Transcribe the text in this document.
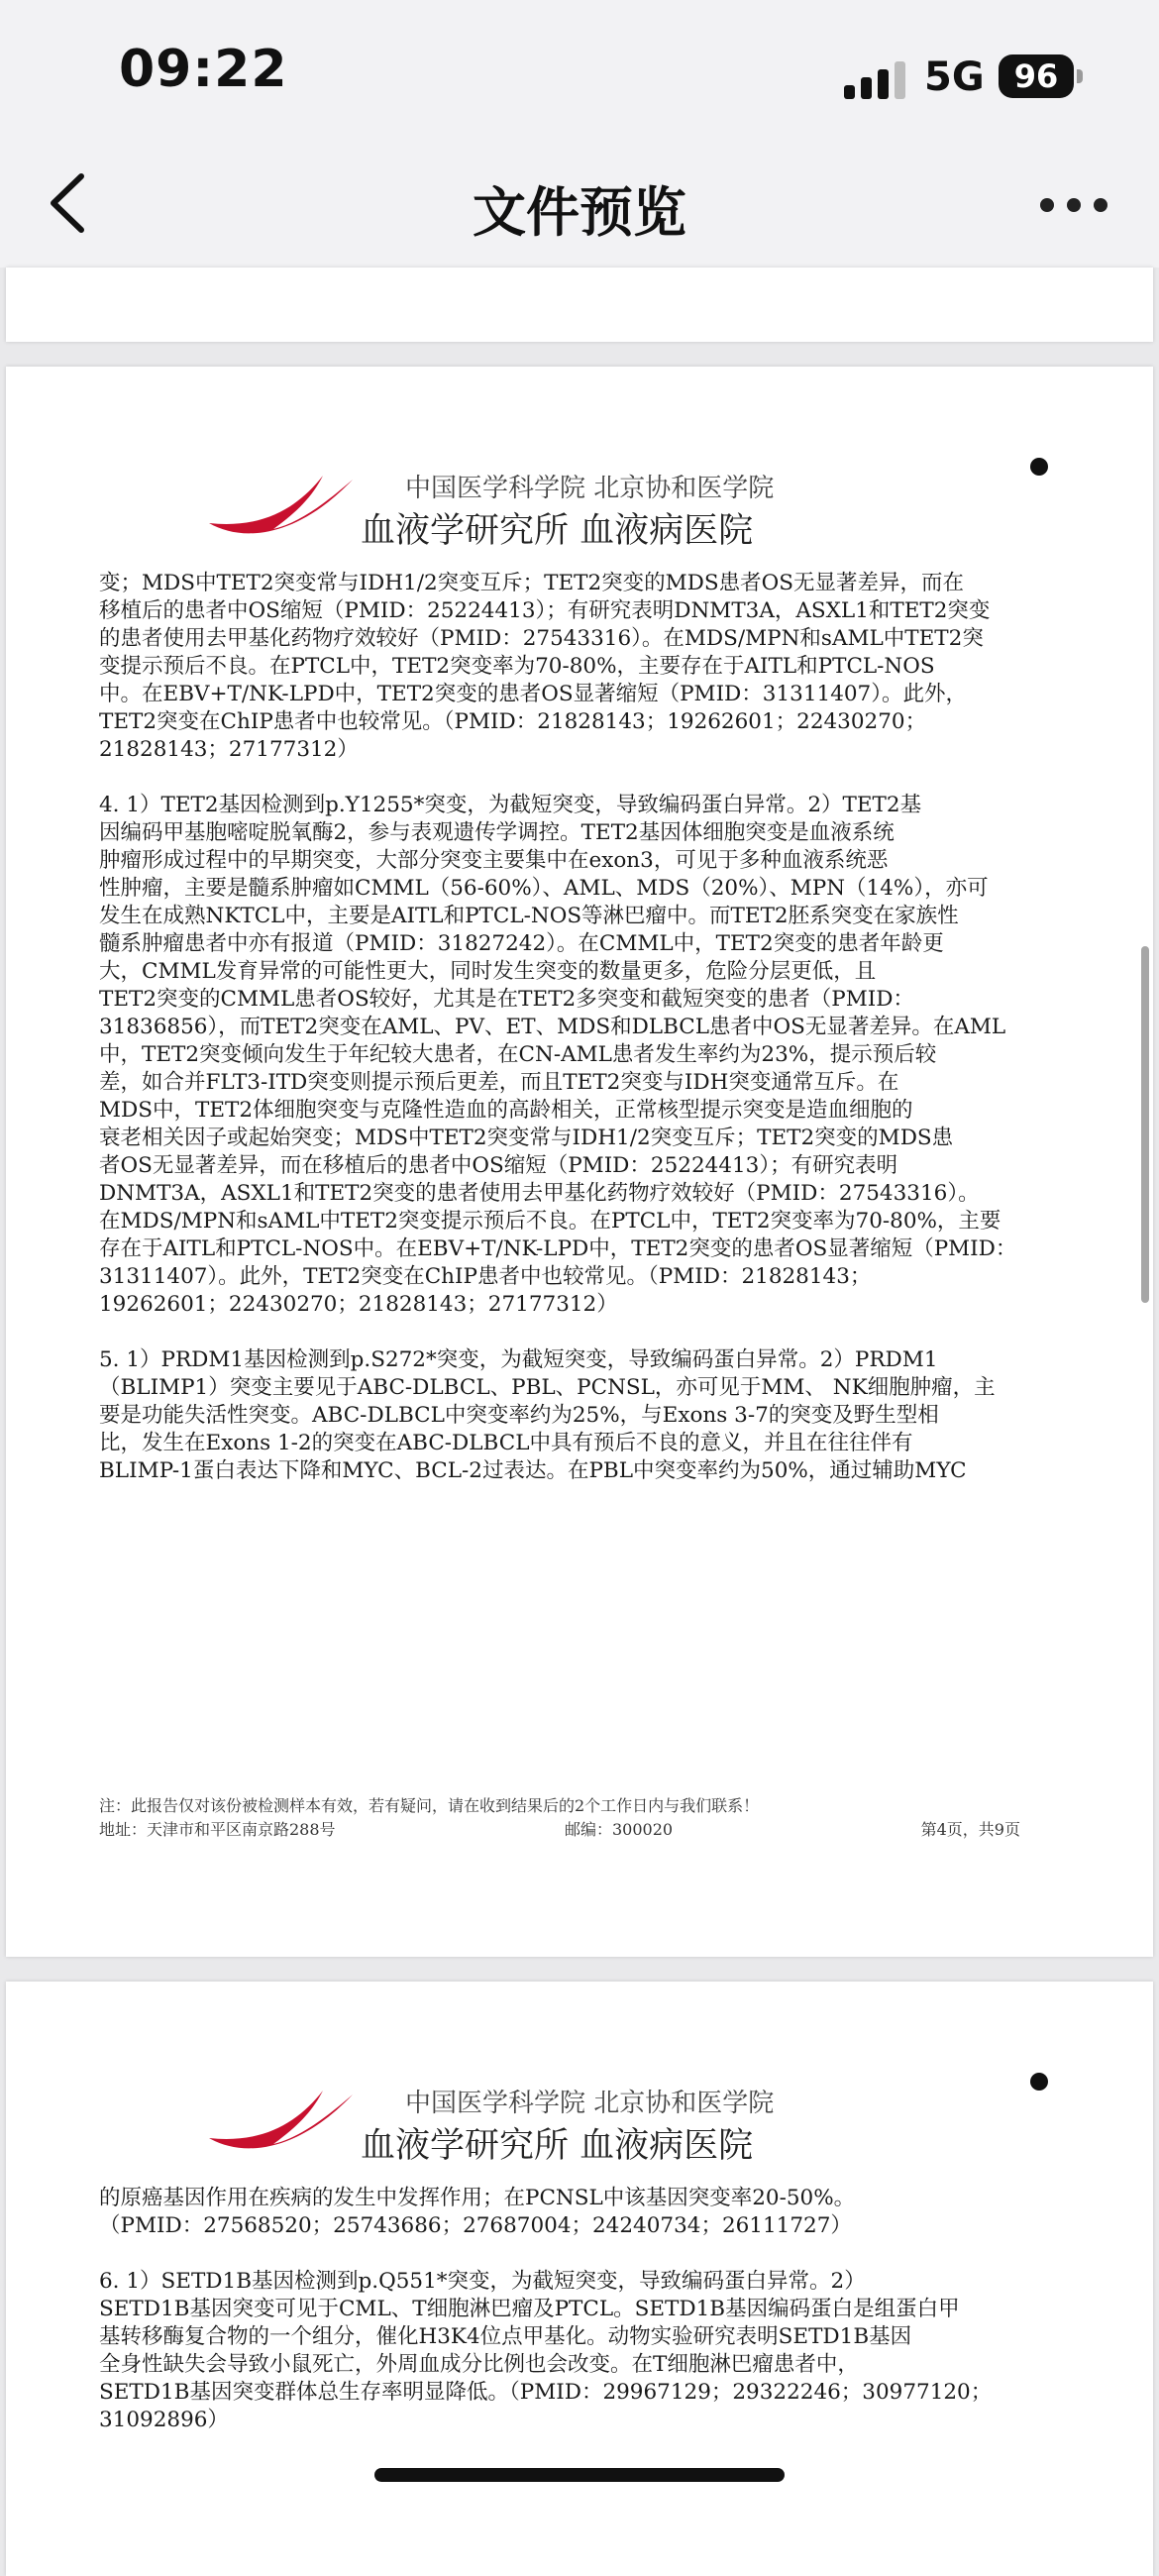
09:22	5G 96
文件预览
中国医学科学院 北京协和医学院
血液学研究所 血液病医院
变；MDS中TET2突变常与IDH1/2突变互斥；TET2突变的MDS患者OS无显著差异，而在
移植后的患者中OS缩短（PMID：25224413）；有研究表明DNMT3A，ASXL1和TET2突变
的患者使用去甲基化药物疗效较好（PMID：27543316）。在MDS/MPN和sAML中TET2突
变提示预后不良。在PTCL中，TET2突变率为70-80%，主要存在于AITL和PTCL-NOS
中。在EBV+T/NK-LPD中，TET2突变的患者OS显著缩短（PMID：31311407）。此外，
TET2突变在ChIP患者中也较常见。（PMID：21828143；19262601；22430270；
21828143；27177312）
4. 1）TET2基因检测到p.Y1255*突变，为截短突变，导致编码蛋白异常。2）TET2基
因编码甲基胞嘧啶脱氧酶2，参与表观遗传学调控。TET2基因体细胞突变是血液系统
肿瘤形成过程中的早期突变，大部分突变主要集中在exon3，可见于多种血液系统恶
性肿瘤，主要是髓系肿瘤如CMML（56-60%）、AML、MDS（20%）、MPN（14%），亦可
发生在成熟NKTCL中，主要是AITL和PTCL-NOS等淋巴瘤中。而TET2胚系突变在家族性
髓系肿瘤患者中亦有报道（PMID：31827242）。在CMML中，TET2突变的患者年龄更
大，CMML发育异常的可能性更大，同时发生突变的数量更多，危险分层更低，且
TET2突变的CMML患者OS较好，尤其是在TET2多突变和截短突变的患者（PMID：
31836856），而TET2突变在AML、PV、ET、MDS和DLBCL患者中OS无显著差异。在AML
中，TET2突变倾向发生于年纪较大患者，在CN-AML患者发生率约为23%，提示预后较
差，如合并FLT3-ITD突变则提示预后更差，而且TET2突变与IDH突变通常互斥。在
MDS中，TET2体细胞突变与克隆性造血的高龄相关，正常核型提示突变是造血细胞的
衰老相关因子或起始突变；MDS中TET2突变常与IDH1/2突变互斥；TET2突变的MDS患
者OS无显著差异，而在移植后的患者中OS缩短（PMID：25224413）；有研究表明
DNMT3A，ASXL1和TET2突变的患者使用去甲基化药物疗效较好（PMID：27543316）。
在MDS/MPN和sAML中TET2突变提示预后不良。在PTCL中，TET2突变率为70-80%，主要
存在于AITL和PTCL-NOS中。在EBV+T/NK-LPD中，TET2突变的患者OS显著缩短（PMID：
31311407）。此外，TET2突变在ChIP患者中也较常见。（PMID：21828143；
19262601；22430270；21828143；27177312）
5. 1）PRDM1基因检测到p.S272*突变，为截短突变，导致编码蛋白异常。2）PRDM1
（BLIMP1）突变主要见于ABC-DLBCL、PBL、PCNSL，亦可见于MM、 NK细胞肿瘤，主
要是功能失活性突变。ABC-DLBCL中突变率约为25%，与Exons 3-7的突变及野生型相
比，发生在Exons 1-2的突变在ABC-DLBCL中具有预后不良的意义，并且在往往伴有
BLIMP-1蛋白表达下降和MYC、BCL-2过表达。在PBL中突变率约为50%，通过辅助MYC
注：此报告仅对该份被检测样本有效，若有疑问，请在收到结果后的2个工作日内与我们联系！
地址：天津市和平区南京路288号	邮编：300020	第4页，共9页
中国医学科学院 北京协和医学院
血液学研究所 血液病医院
的原癌基因作用在疾病的发生中发挥作用；在PCNSL中该基因突变率20-50%。
（PMID：27568520；25743686；27687004；24240734；26111727）
6. 1）SETD1B基因检测到p.Q551*突变，为截短突变，导致编码蛋白异常。2）
SETD1B基因突变可见于CML、T细胞淋巴瘤及PTCL。SETD1B基因编码蛋白是组蛋白甲
基转移酶复合物的一个组分，催化H3K4位点甲基化。动物实验研究表明SETD1B基因
全身性缺失会导致小鼠死亡，外周血成分比例也会改变。在T细胞淋巴瘤患者中，
SETD1B基因突变群体总生存率明显降低。（PMID：29967129；29322246；30977120；
31092896）
